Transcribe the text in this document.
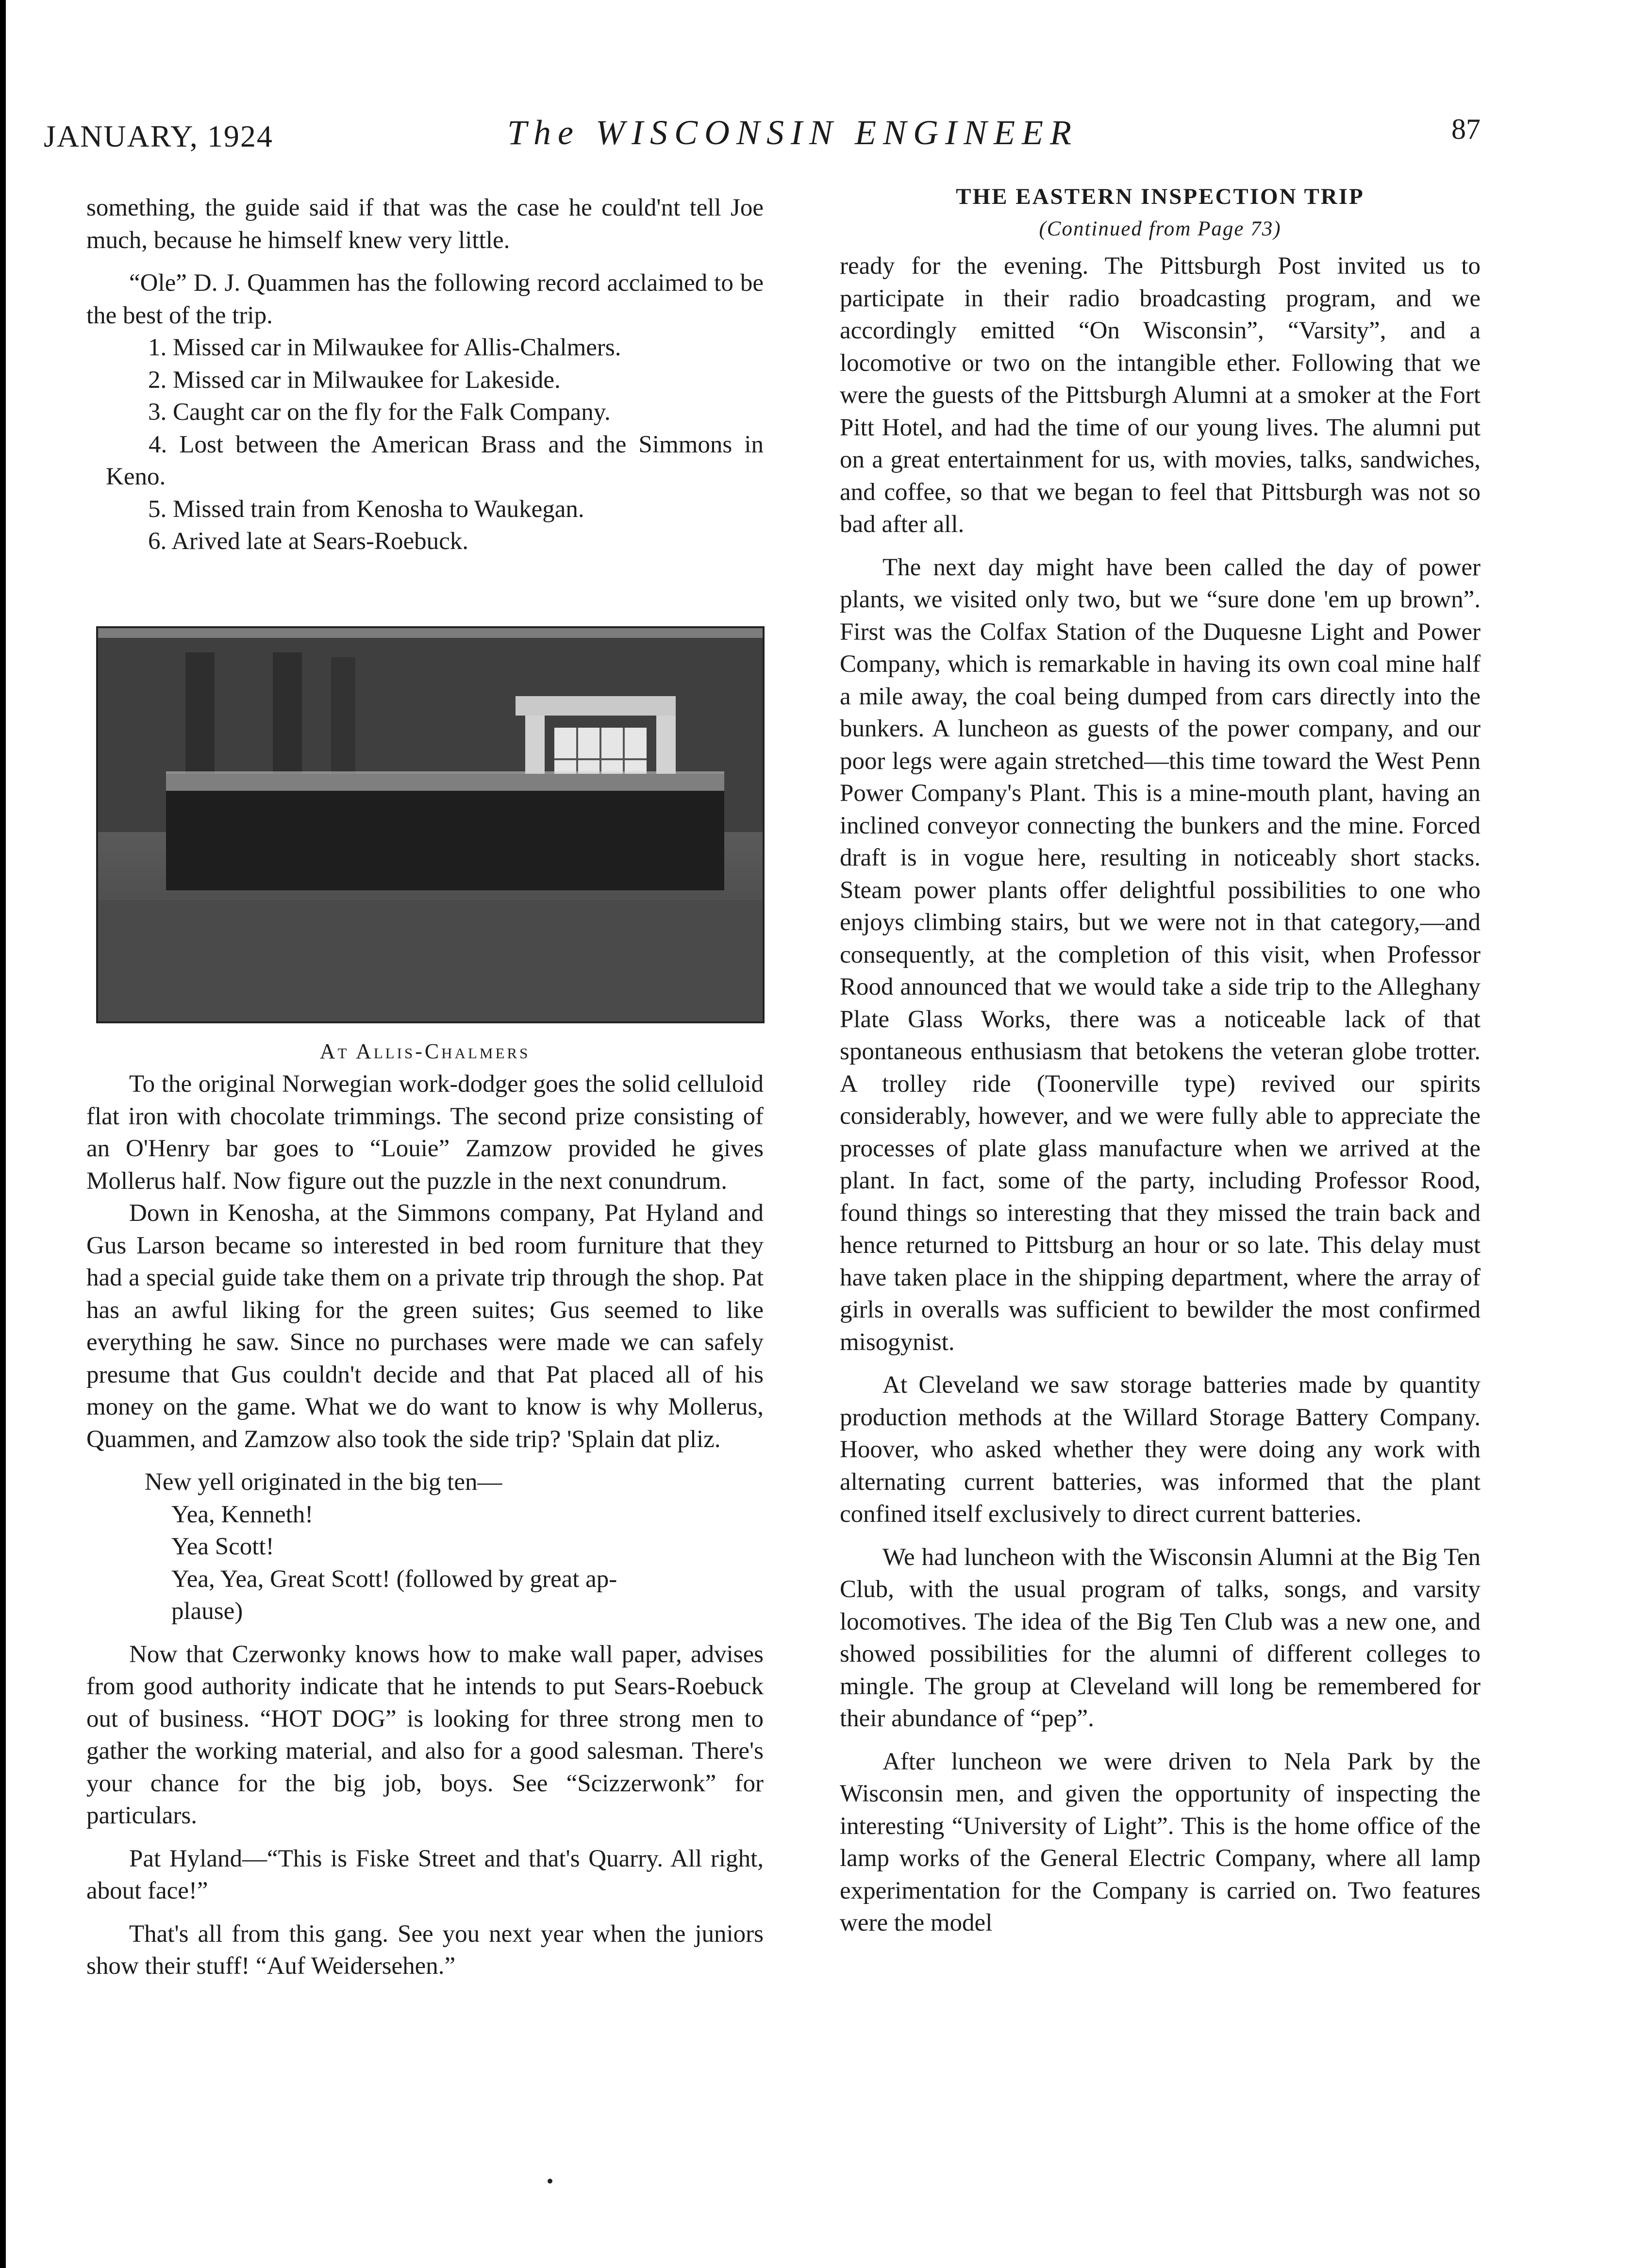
JANUARY, 1924	The WISCONSIN ENGINEER	87

something, the guide said if that was the case he could'nt tell Joe much, because he himself knew very little.

“Ole” D. J. Quammen has the following record acclaimed to be the best of the trip.

1. Missed car in Milwaukee for Allis-Chalmers.

2. Missed car in Milwaukee for Lakeside.

3. Caught car on the fly for the Falk Company.

4. Lost between the American Brass and the Simmons in Keno.

5. Missed train from Kenosha to Waukegan.

6. Arived late at Sears-Roebuck.

At Allis-Chalmers

To the original Norwegian work-dodger goes the solid celluloid flat iron with chocolate trimmings. The second prize consisting of an O'Henry bar goes to “Louie” Zamzow provided he gives Mollerus half. Now figure out the puzzle in the next conundrum.

Down in Kenosha, at the Simmons company, Pat Hyland and Gus Larson became so interested in bed room furniture that they had a special guide take them on a private trip through the shop. Pat has an awful liking for the green suites; Gus seemed to like everything he saw. Since no purchases were made we can safely presume that Gus couldn't decide and that Pat placed all of his money on the game. What we do want to know is why Mollerus, Quammen, and Zamzow also took the side trip? 'Splain dat pliz.

New yell originated in the big ten—

Yea, Kenneth!

Yea Scott!

Yea, Yea, Great Scott! (followed by great ap-

plause)

Now that Czerwonky knows how to make wall paper, advises from good authority indicate that he intends to put Sears-Roebuck out of business. “HOT DOG” is looking for three strong men to gather the working material, and also for a good salesman. There's your chance for the big job, boys. See “Scizzerwonk” for particulars.

Pat Hyland—“This is Fiske Street and that's Quarry. All right, about face!”

That's all from this gang. See you next year when the juniors show their stuff! “Auf Weidersehen.”

THE EASTERN INSPECTION TRIP

(Continued from Page 73)

ready for the evening. The Pittsburgh Post invited us to participate in their radio broadcasting program, and we accordingly emitted “On Wisconsin”, “Varsity”, and a locomotive or two on the intangible ether. Following that we were the guests of the Pittsburgh Alumni at a smoker at the Fort Pitt Hotel, and had the time of our young lives. The alumni put on a great entertainment for us, with movies, talks, sandwiches, and coffee, so that we began to feel that Pittsburgh was not so bad after all.

The next day might have been called the day of power plants, we visited only two, but we “sure done 'em up brown”. First was the Colfax Station of the Duquesne Light and Power Company, which is remarkable in having its own coal mine half a mile away, the coal being dumped from cars directly into the bunkers. A luncheon as guests of the power company, and our poor legs were again stretched—this time toward the West Penn Power Company's Plant. This is a mine-mouth plant, having an inclined conveyor connecting the bunkers and the mine. Forced draft is in vogue here, resulting in noticeably short stacks. Steam power plants offer delightful possibilities to one who enjoys climbing stairs, but we were not in that category,—and consequently, at the completion of this visit, when Professor Rood announced that we would take a side trip to the Alleghany Plate Glass Works, there was a noticeable lack of that spontaneous enthusiasm that betokens the veteran globe trotter. A trolley ride (Toonerville type) revived our spirits considerably, however, and we were fully able to appreciate the processes of plate glass manufacture when we arrived at the plant. In fact, some of the party, including Professor Rood, found things so interesting that they missed the train back and hence returned to Pittsburg an hour or so late. This delay must have taken place in the shipping department, where the array of girls in overalls was sufficient to bewilder the most confirmed misogynist.

At Cleveland we saw storage batteries made by quantity production methods at the Willard Storage Battery Company. Hoover, who asked whether they were doing any work with alternating current batteries, was informed that the plant confined itself exclusively to direct current batteries.

We had luncheon with the Wisconsin Alumni at the Big Ten Club, with the usual program of talks, songs, and varsity locomotives. The idea of the Big Ten Club was a new one, and showed possibilities for the alumni of different colleges to mingle. The group at Cleveland will long be remembered for their abundance of “pep”.

After luncheon we were driven to Nela Park by the Wisconsin men, and given the opportunity of inspecting the interesting “University of Light”. This is the home office of the lamp works of the General Electric Company, where all lamp experimentation for the Company is carried on. Two features were the model
